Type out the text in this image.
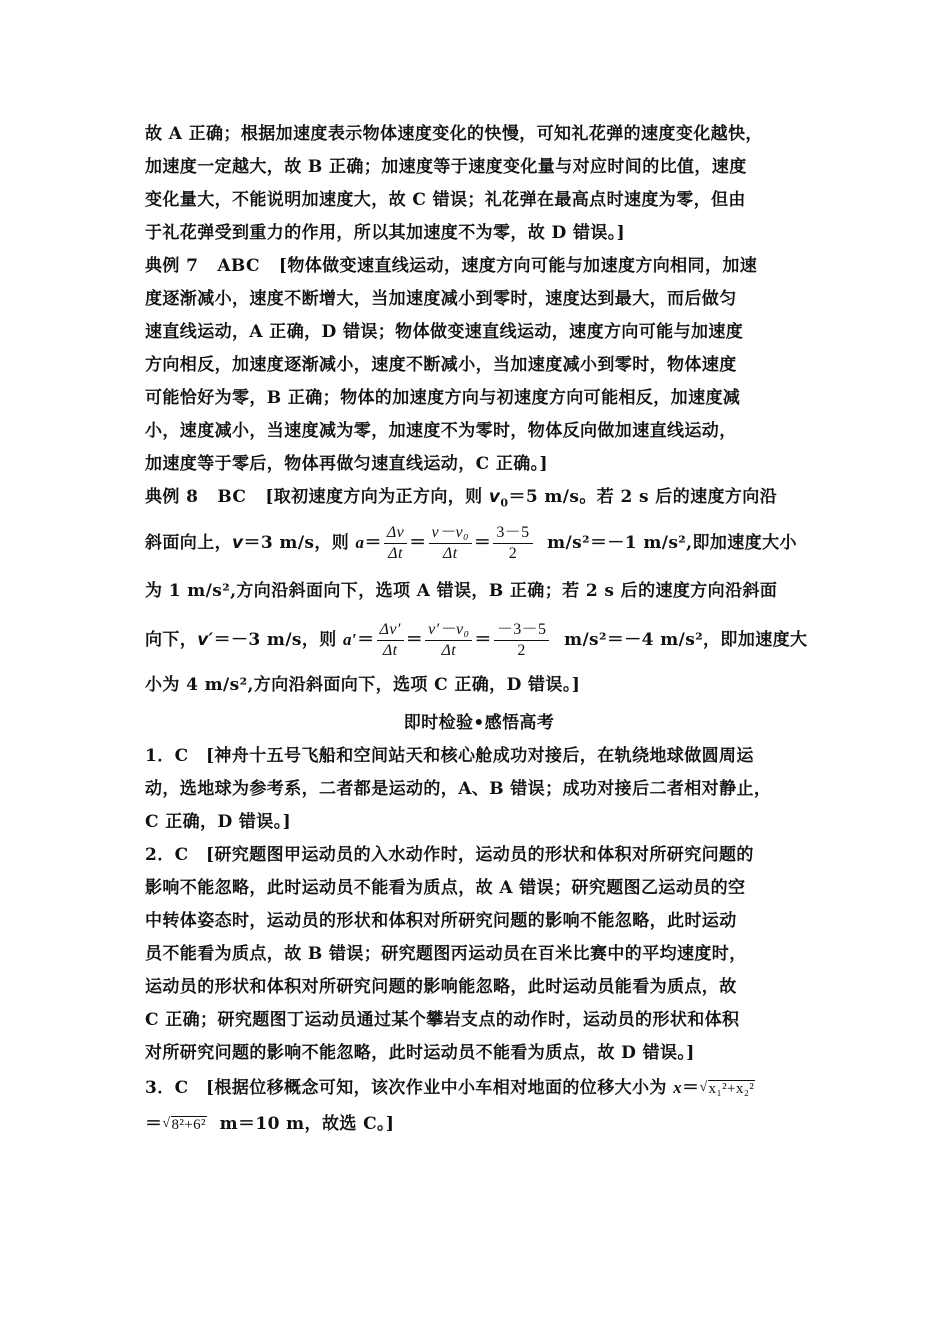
故 A 正确；根据加速度表示物体速度变化的快慢，可知礼花弹的速度变化越快，
加速度一定越大，故 B 正确；加速度等于速度变化量与对应时间的比值，速度
变化量大，不能说明加速度大，故 C 错误；礼花弹在最高点时速度为零，但由
于礼花弹受到重力的作用，所以其加速度不为零，故 D 错误。]

典例 7 ABC [物体做变速直线运动，速度方向可能与加速度方向相同，加速
度逐渐减小，速度不断增大，当加速度减小到零时，速度达到最大，而后做匀
速直线运动，A 正确，D 错误；物体做变速直线运动，速度方向可能与加速度
方向相反，加速度逐渐减小，速度不断减小，当加速度减小到零时，物体速度
可能恰好为零，B 正确；物体的加速度方向与初速度方向可能相反，加速度减
小，速度减小，当速度减为零，加速度不为零时，物体反向做加速直线运动，
加速度等于零后，物体再做匀速直线运动，C 正确。]

典例 8 BC [取初速度方向为正方向，则 $v_0=5$ m/s。若 2 s 后的速度方向沿
斜面向上，v＝3 m/s，则 $a= \frac{\Delta v}{\Delta t} = \frac{\text{v－v₀}}{\Delta t} = \frac{3-5}{2} m/s^2=-1$ m/s²,即加速度大小
为 1 m/s²,方向沿斜面向下，选项 A 错误，B 正确；若 2 s 后的速度方向沿斜面
向下，v′＝－3 m/s，则 $a'= \frac{\Delta v'}{\Delta t} = \frac{\text{v′－v₀}}{\Delta t} = \frac{-3-5}{2} m/s^2=-4$ m/s²，即加速度大
小为 4 m/s²,方向沿斜面向下，选项 C 正确，D 错误。]

即时检验•感悟高考

1．C　[神舟十五号飞船和空间站天和核心舱成功对接后，在轨绕地球做圆周运
动，选地球为参考系，二者都是运动的，A、B 错误；成功对接后二者相对静止，
C 正确，D 错误。]

2．C　[研究题图甲运动员的入水动作时，运动员的形状和体积对所研究问题的
影响不能忽略，此时运动员不能看为质点，故 A 错误；研究题图乙运动员的空
中转体姿态时，运动员的形状和体积对所研究问题的影响不能忽略，此时运动
员不能看为质点，故 B 错误；研究题图丙运动员在百米比赛中的平均速度时，
运动员的形状和体积对所研究问题的影响能忽略，此时运动员能看为质点，故
C 正确；研究题图丁运动员通过某个攀岩支点的动作时，运动员的形状和体积
对所研究问题的影响不能忽略，此时运动员不能看为质点，故 D 错误。]

3．C　[根据位移概念可知，该次作业中小车相对地面的位移大小为 x＝√x₁²+x₂²
＝√8²+6² m＝10 m，故选 C。]
